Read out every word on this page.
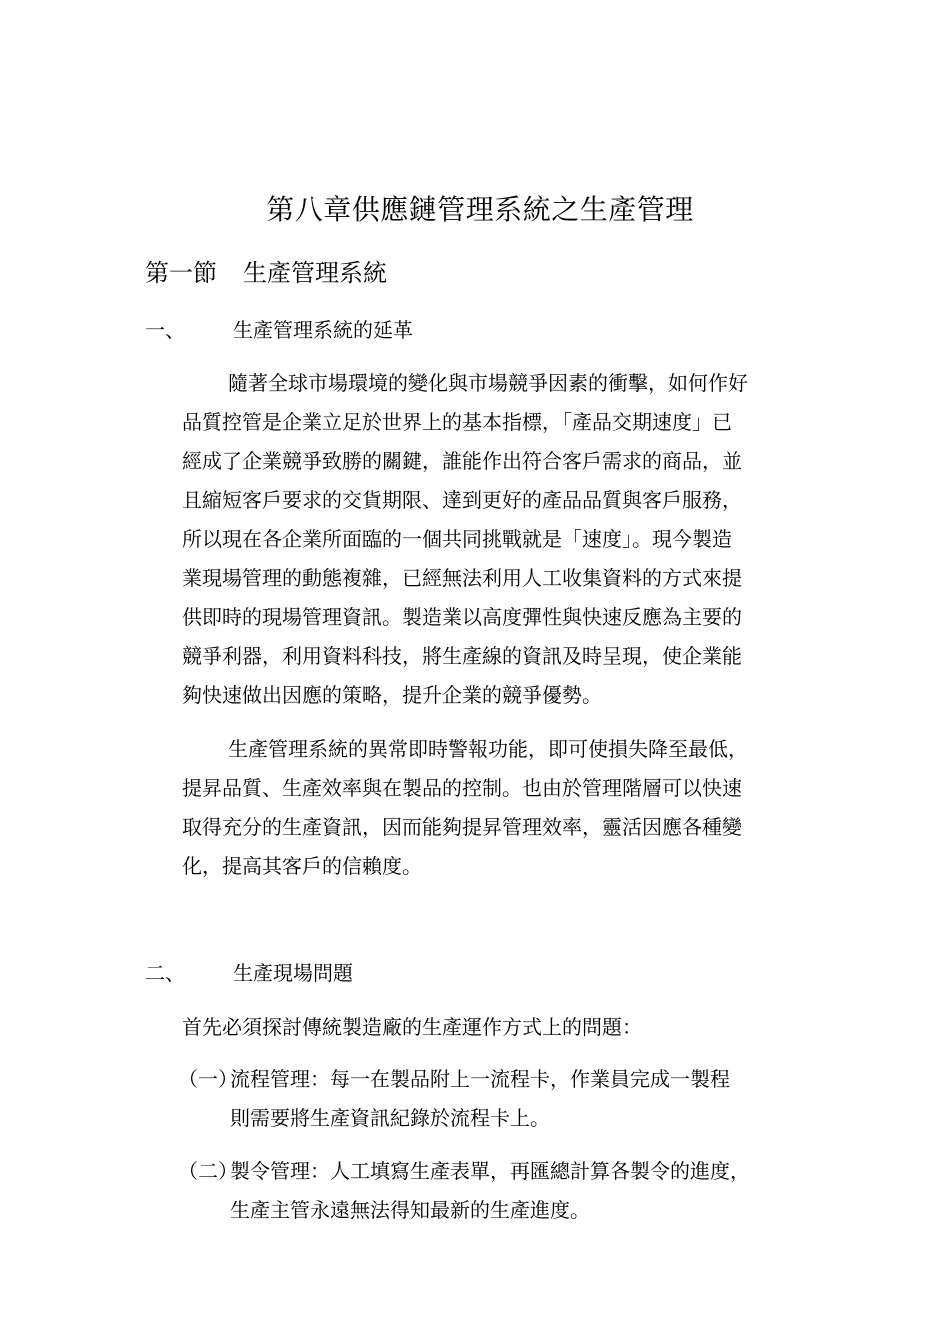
第八章供應鏈管理系統之生產管理
第一節 生產管理系統
一、 生產管理系統的延革
隨著全球市場環境的變化與市場競爭因素的衝擊，如何作好
品質控管是企業立足於世界上的基本指標，「產品交期速度」已
經成了企業競爭致勝的關鍵，誰能作出符合客戶需求的商品，並
且縮短客戶要求的交貨期限、達到更好的產品品質與客戶服務，
所以現在各企業所面臨的一個共同挑戰就是「速度」。現今製造
業現場管理的動態複雜，已經無法利用人工收集資料的方式來提
供即時的現場管理資訊。製造業以高度彈性與快速反應為主要的
競爭利器，利用資料科技，將生產線的資訊及時呈現，使企業能
夠快速做出因應的策略，提升企業的競爭優勢。
生產管理系統的異常即時警報功能，即可使損失降至最低，
提昇品質、生產效率與在製品的控制。也由於管理階層可以快速
取得充分的生產資訊，因而能夠提昇管理效率，靈活因應各種變
化，提高其客戶的信賴度。
二、 生產現場問題
首先必須探討傳統製造廠的生產運作方式上的問題：
（一）流程管理：每一在製品附上一流程卡，作業員完成一製程
則需要將生產資訊紀錄於流程卡上。
（二）製令管理：人工填寫生產表單，再匯總計算各製令的進度，
生產主管永遠無法得知最新的生產進度。
